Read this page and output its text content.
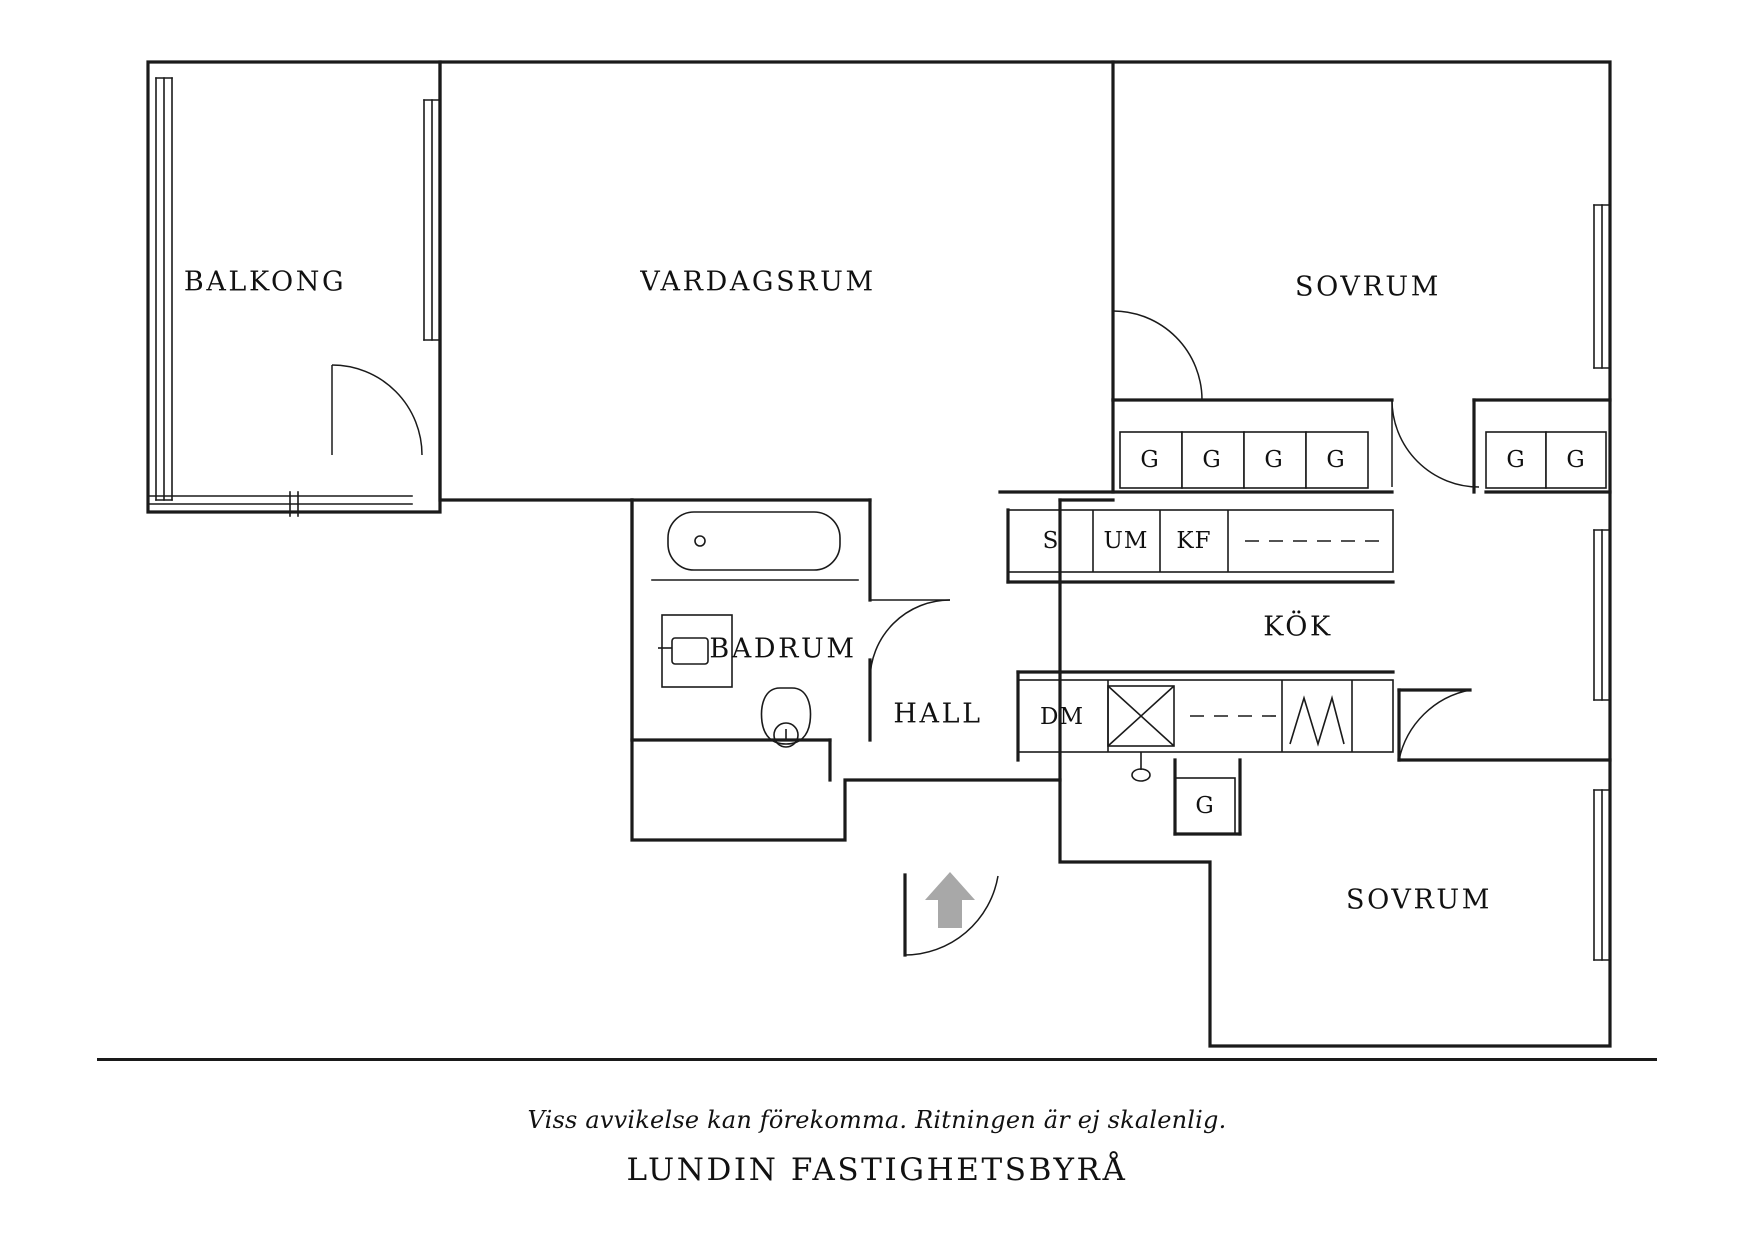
BALKONG	VARDAGSRUM	SOVRUM
BADRUM
HALL
KÖK
SOVRUM
G G G G	G G
S UM KF
DM
G
Viss avvikelse kan förekomma. Ritningen är ej skalenlig.
LUNDIN FASTIGHETSBYRÅ
